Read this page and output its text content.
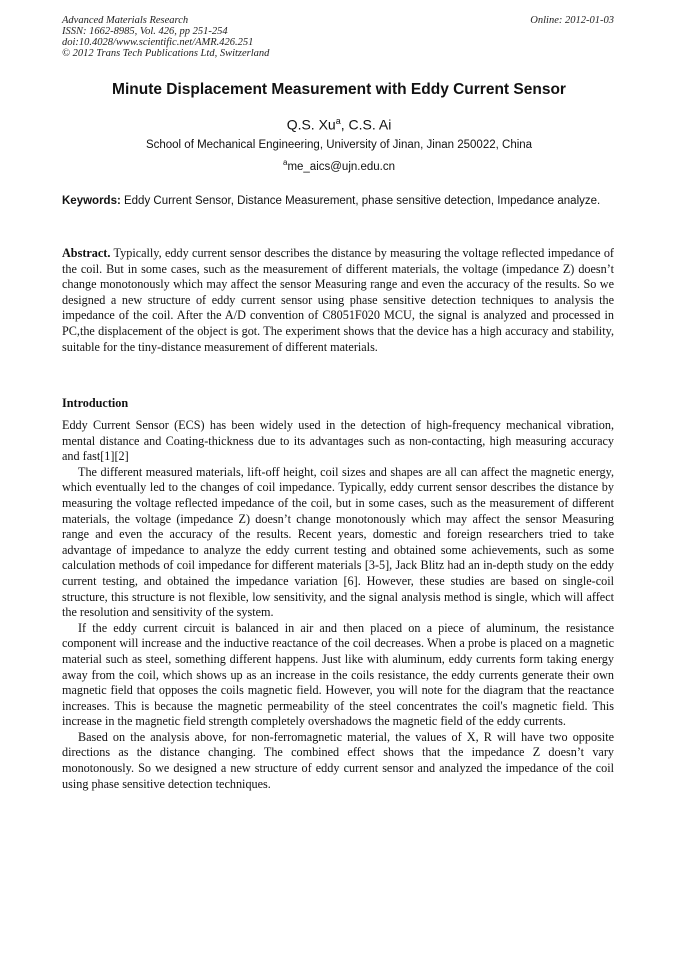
Advanced Materials Research
ISSN: 1662-8985, Vol. 426, pp 251-254
doi:10.4028/www.scientific.net/AMR.426.251
© 2012 Trans Tech Publications Ltd, Switzerland
Online: 2012-01-03
Minute Displacement Measurement with Eddy Current Sensor
Q.S. Xu$^a$, C.S. Ai
School of Mechanical Engineering, University of Jinan, Jinan 250022, China
$^a$me_aics@ujn.edu.cn
Keywords: Eddy Current Sensor, Distance Measurement, phase sensitive detection, Impedance analyze.
Abstract. Typically, eddy current sensor describes the distance by measuring the voltage reflected impedance of the coil. But in some cases, such as the measurement of different materials, the voltage (impedance Z) doesn’t change monotonously which may affect the sensor Measuring range and even the accuracy of the results. So we designed a new structure of eddy current sensor using phase sensitive detection techniques to analysis the impedance of the coil. After the A/D convention of C8051F020 MCU, the signal is analyzed and processed in PC,the displacement of the object is got. The experiment shows that the device has a high accuracy and stability, suitable for the tiny-distance measurement of different materials.
Introduction

Eddy Current Sensor (ECS) has been widely used in the detection of high-frequency mechanical vibration, mental distance and Coating-thickness due to its advantages such as non-contacting, high measuring accuracy and fast[1][2]

The different measured materials, lift-off height, coil sizes and shapes are all can affect the magnetic energy, which eventually led to the changes of coil impedance. Typically, eddy current sensor describes the distance by measuring the voltage reflected impedance of the coil, but in some cases, such as the measurement of different materials, the voltage (impedance Z) doesn’t change monotonously which may affect the sensor Measuring range and even the accuracy of the results. Recent years, domestic and foreign researchers tried to take advantage of impedance to analyze the eddy current testing and obtained some achievements, such as some calculation methods of coil impedance for different materials [3-5], Jack Blitz had an in-depth study on the eddy current testing, and obtained the impedance variation [6]. However, these studies are based on single-coil structure, this structure is not flexible, low sensitivity, and the signal analysis method is single, which will affect the resolution and sensitivity of the system.

If the eddy current circuit is balanced in air and then placed on a piece of aluminum, the resistance component will increase and the inductive reactance of the coil decreases. When a probe is placed on a magnetic material such as steel, something different happens. Just like with aluminum, eddy currents form taking energy away from the coil, which shows up as an increase in the coils resistance, the eddy currents generate their own magnetic field that opposes the coils magnetic field. However, you will note for the diagram that the reactance increases. This is because the magnetic permeability of the steel concentrates the coil's magnetic field. This increase in the magnetic field strength completely overshadows the magnetic field of the eddy currents.

Based on the analysis above, for non-ferromagnetic material, the values of X, R will have two opposite directions as the distance changing. The combined effect shows that the impedance Z doesn’t vary monotonously. So we designed a new structure of eddy current sensor and analyzed the impedance of the coil using phase sensitive detection techniques.
